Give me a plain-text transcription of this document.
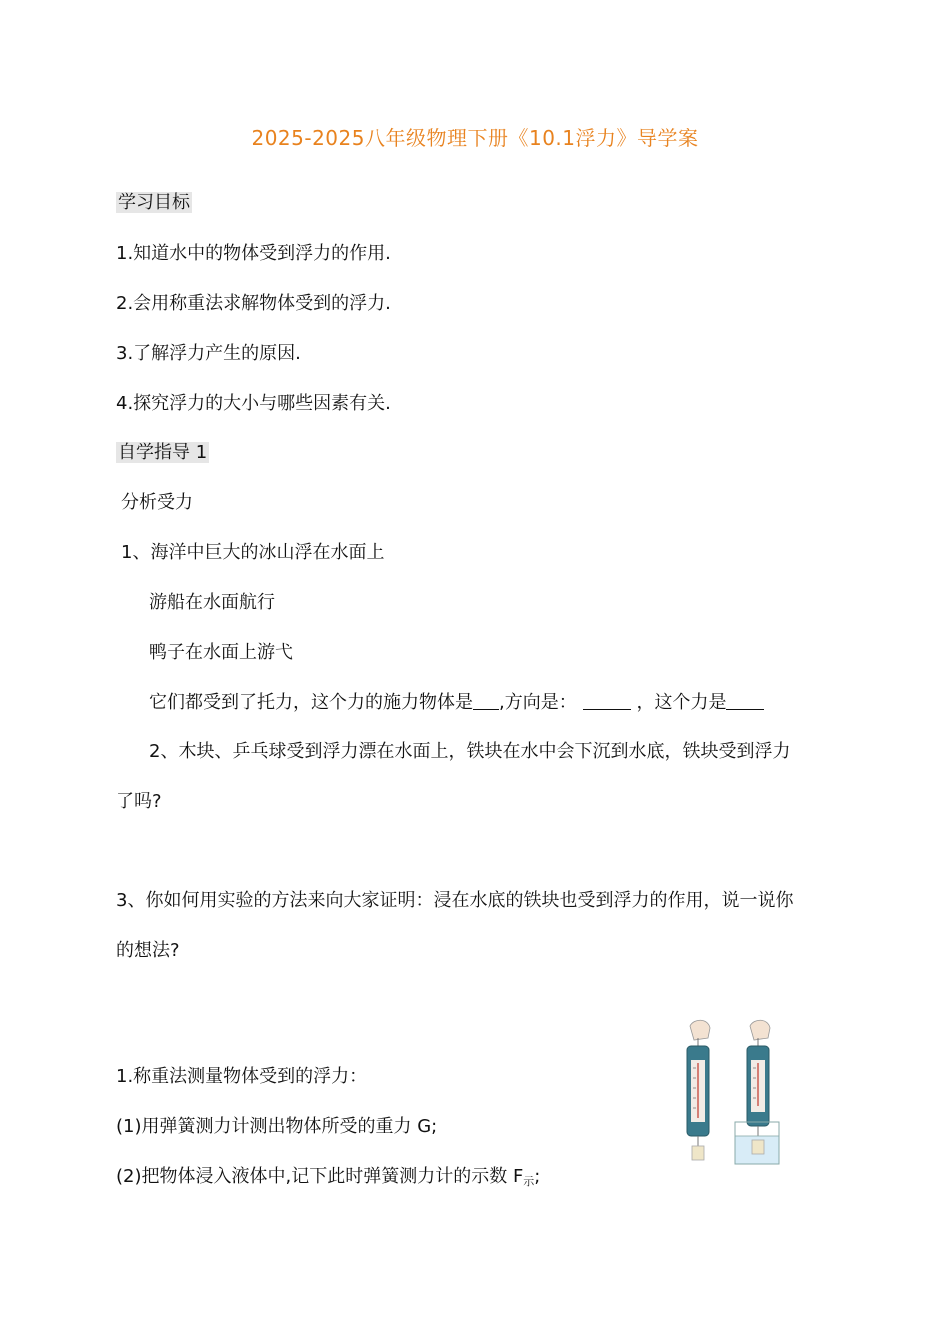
2025-2025八年级物理下册《10.1浮力》导学案
学习目标
1.知道水中的物体受到浮力的作用.
2.会用称重法求解物体受到的浮力.
3.了解浮力产生的原因.
4.探究浮力的大小与哪些因素有关.
自学指导 1
分析受力
1、海洋中巨大的冰山浮在水面上
游船在水面航行
鸭子在水面上游弋
它们都受到了托力，这个力的施力物体是 ,方向是：	，这个力是
2、木块、乒乓球受到浮力漂在水面上，铁块在水中会下沉到水底，铁块受到浮力
了吗?
3、你如何用实验的方法来向大家证明：浸在水底的铁块也受到浮力的作用，说一说你
的想法?
1.称重法测量物体受到的浮力：
(1)用弹簧测力计测出物体所受的重力 G;
(2)把物体浸入液体中,记下此时弹簧测力计的示数 $F_示$;
